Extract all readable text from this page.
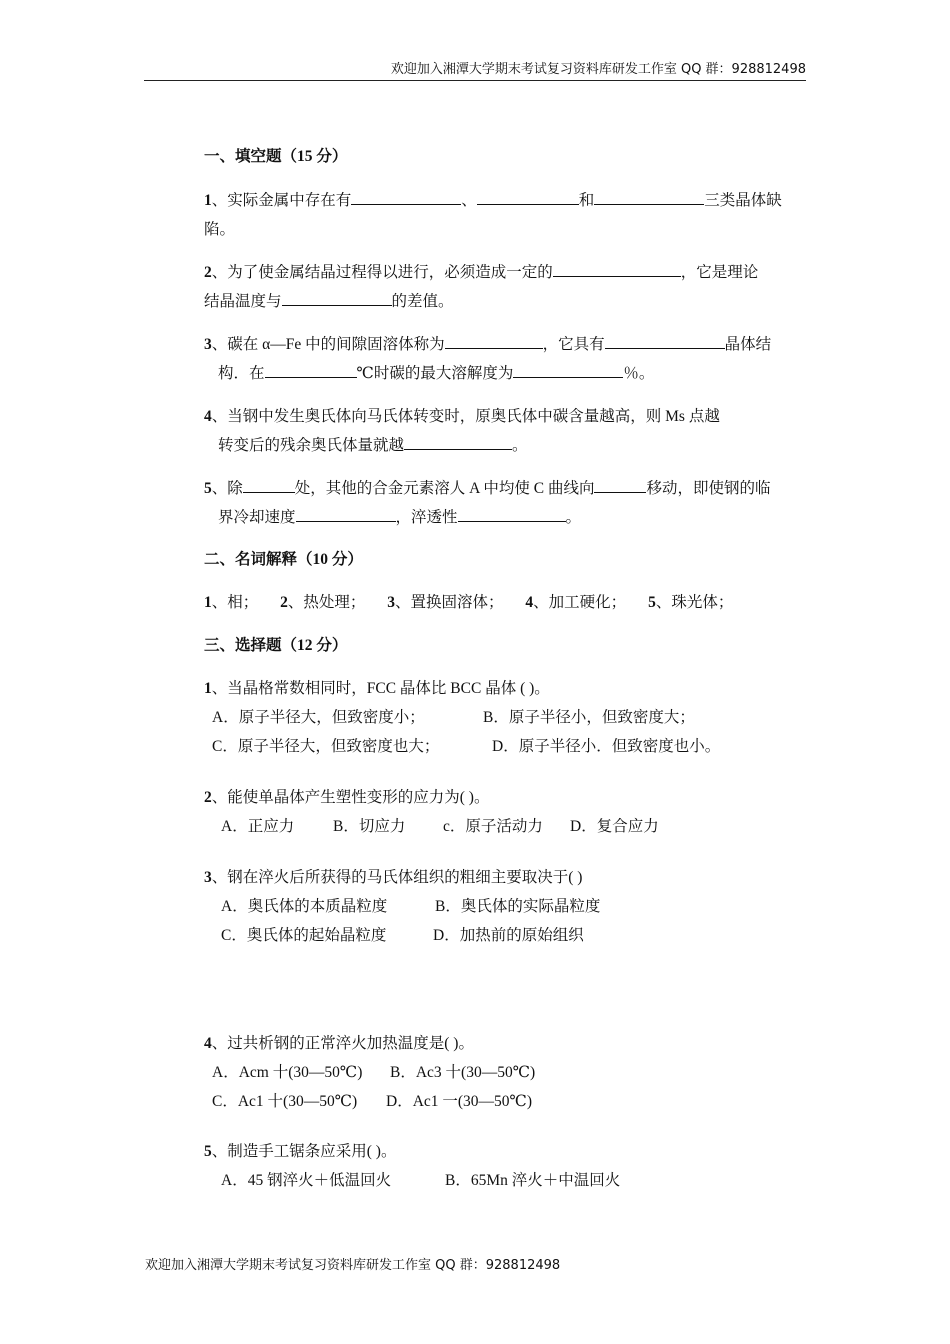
欢迎加入湘潭大学期末考试复习资料库研发工作室 QQ 群：928812498
一、填空题（15 分）
1、实际金属中存在有	、	和	三类晶体缺
陷。
2、为了使金属结晶过程得以进行，必须造成一定的	，它是理论
结晶温度与	的差值。
3、碳在 α—Fe 中的间隙固溶体称为	，它具有	晶体结
构．在	℃时碳的最大溶解度为	％。
4、当钢中发生奥氏体向马氏体转变时，原奥氏体中碳含量越高，则 Ms 点越
转变后的残余奥氏体量就越	。
5、除	处，其他的合金元素溶人 A 中均使 C 曲线向	移动，即使钢的临
界冷却速度	，淬透性	。
二、名词解释（10 分）
1、相； 2、热处理； 3、置换固溶体； 4、加工硬化； 5、珠光体；
三、选择题（12 分）
1、当晶格常数相同时，FCC 晶体比 BCC 晶体 ( )。
A．原子半径大，但致密度小；	B．原子半径小，但致密度大；
C．原子半径大，但致密度也大；	D．原子半径小．但致密度也小。
2、能使单晶体产生塑性变形的应力为( )。
A．正应力	B．切应力 c．原子活动力 D．复合应力
3、钢在淬火后所获得的马氏体组织的粗细主要取决于( )
A．奥氏体的本质晶粒度	B．奥氏体的实际晶粒度
C．奥氏体的起始晶粒度	D．加热前的原始组织
4、过共析钢的正常淬火加热温度是( )。
A．Acm 十(30—50℃) B．Ac3 十(30—50℃)
C．Ac1 十(30—50℃) D．Ac1 一(30—50℃)
5、制造手工锯条应采用( )。
A．45 钢淬火＋低温回火	B．65Mn 淬火＋中温回火
欢迎加入湘潭大学期末考试复习资料库研发工作室 QQ 群：928812498
